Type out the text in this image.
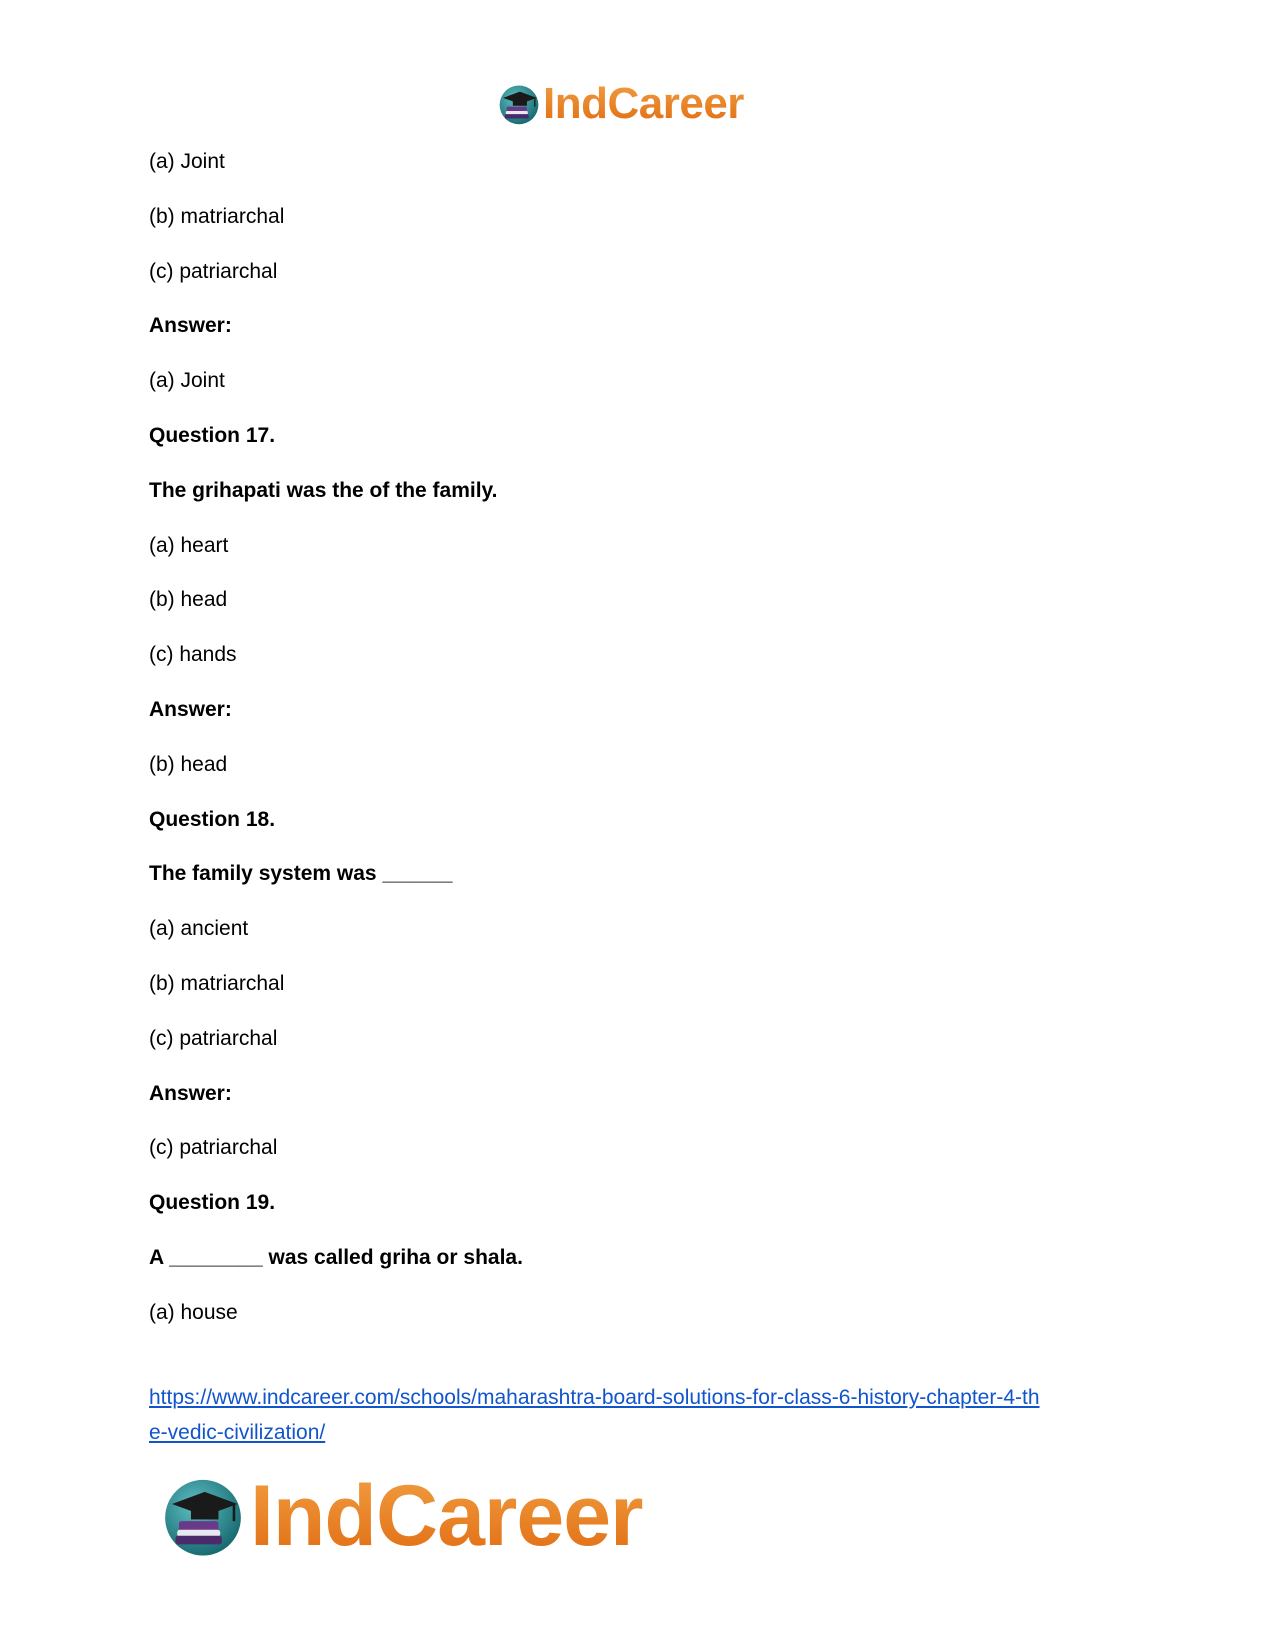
IndCareer
(a) Joint
(b) matriarchal
(c) patriarchal
Answer:
(a) Joint
Question 17.
The grihapati was the of the family.
(a) heart
(b) head
(c) hands
Answer:
(b) head
Question 18.
The family system was ______
(a) ancient
(b) matriarchal
(c) patriarchal
Answer:
(c) patriarchal
Question 19.
A ________ was called griha or shala.
(a) house
https://www.indcareer.com/schools/maharashtra-board-solutions-for-class-6-history-chapter-4-th
e-vedic-civilization/
IndCareer
